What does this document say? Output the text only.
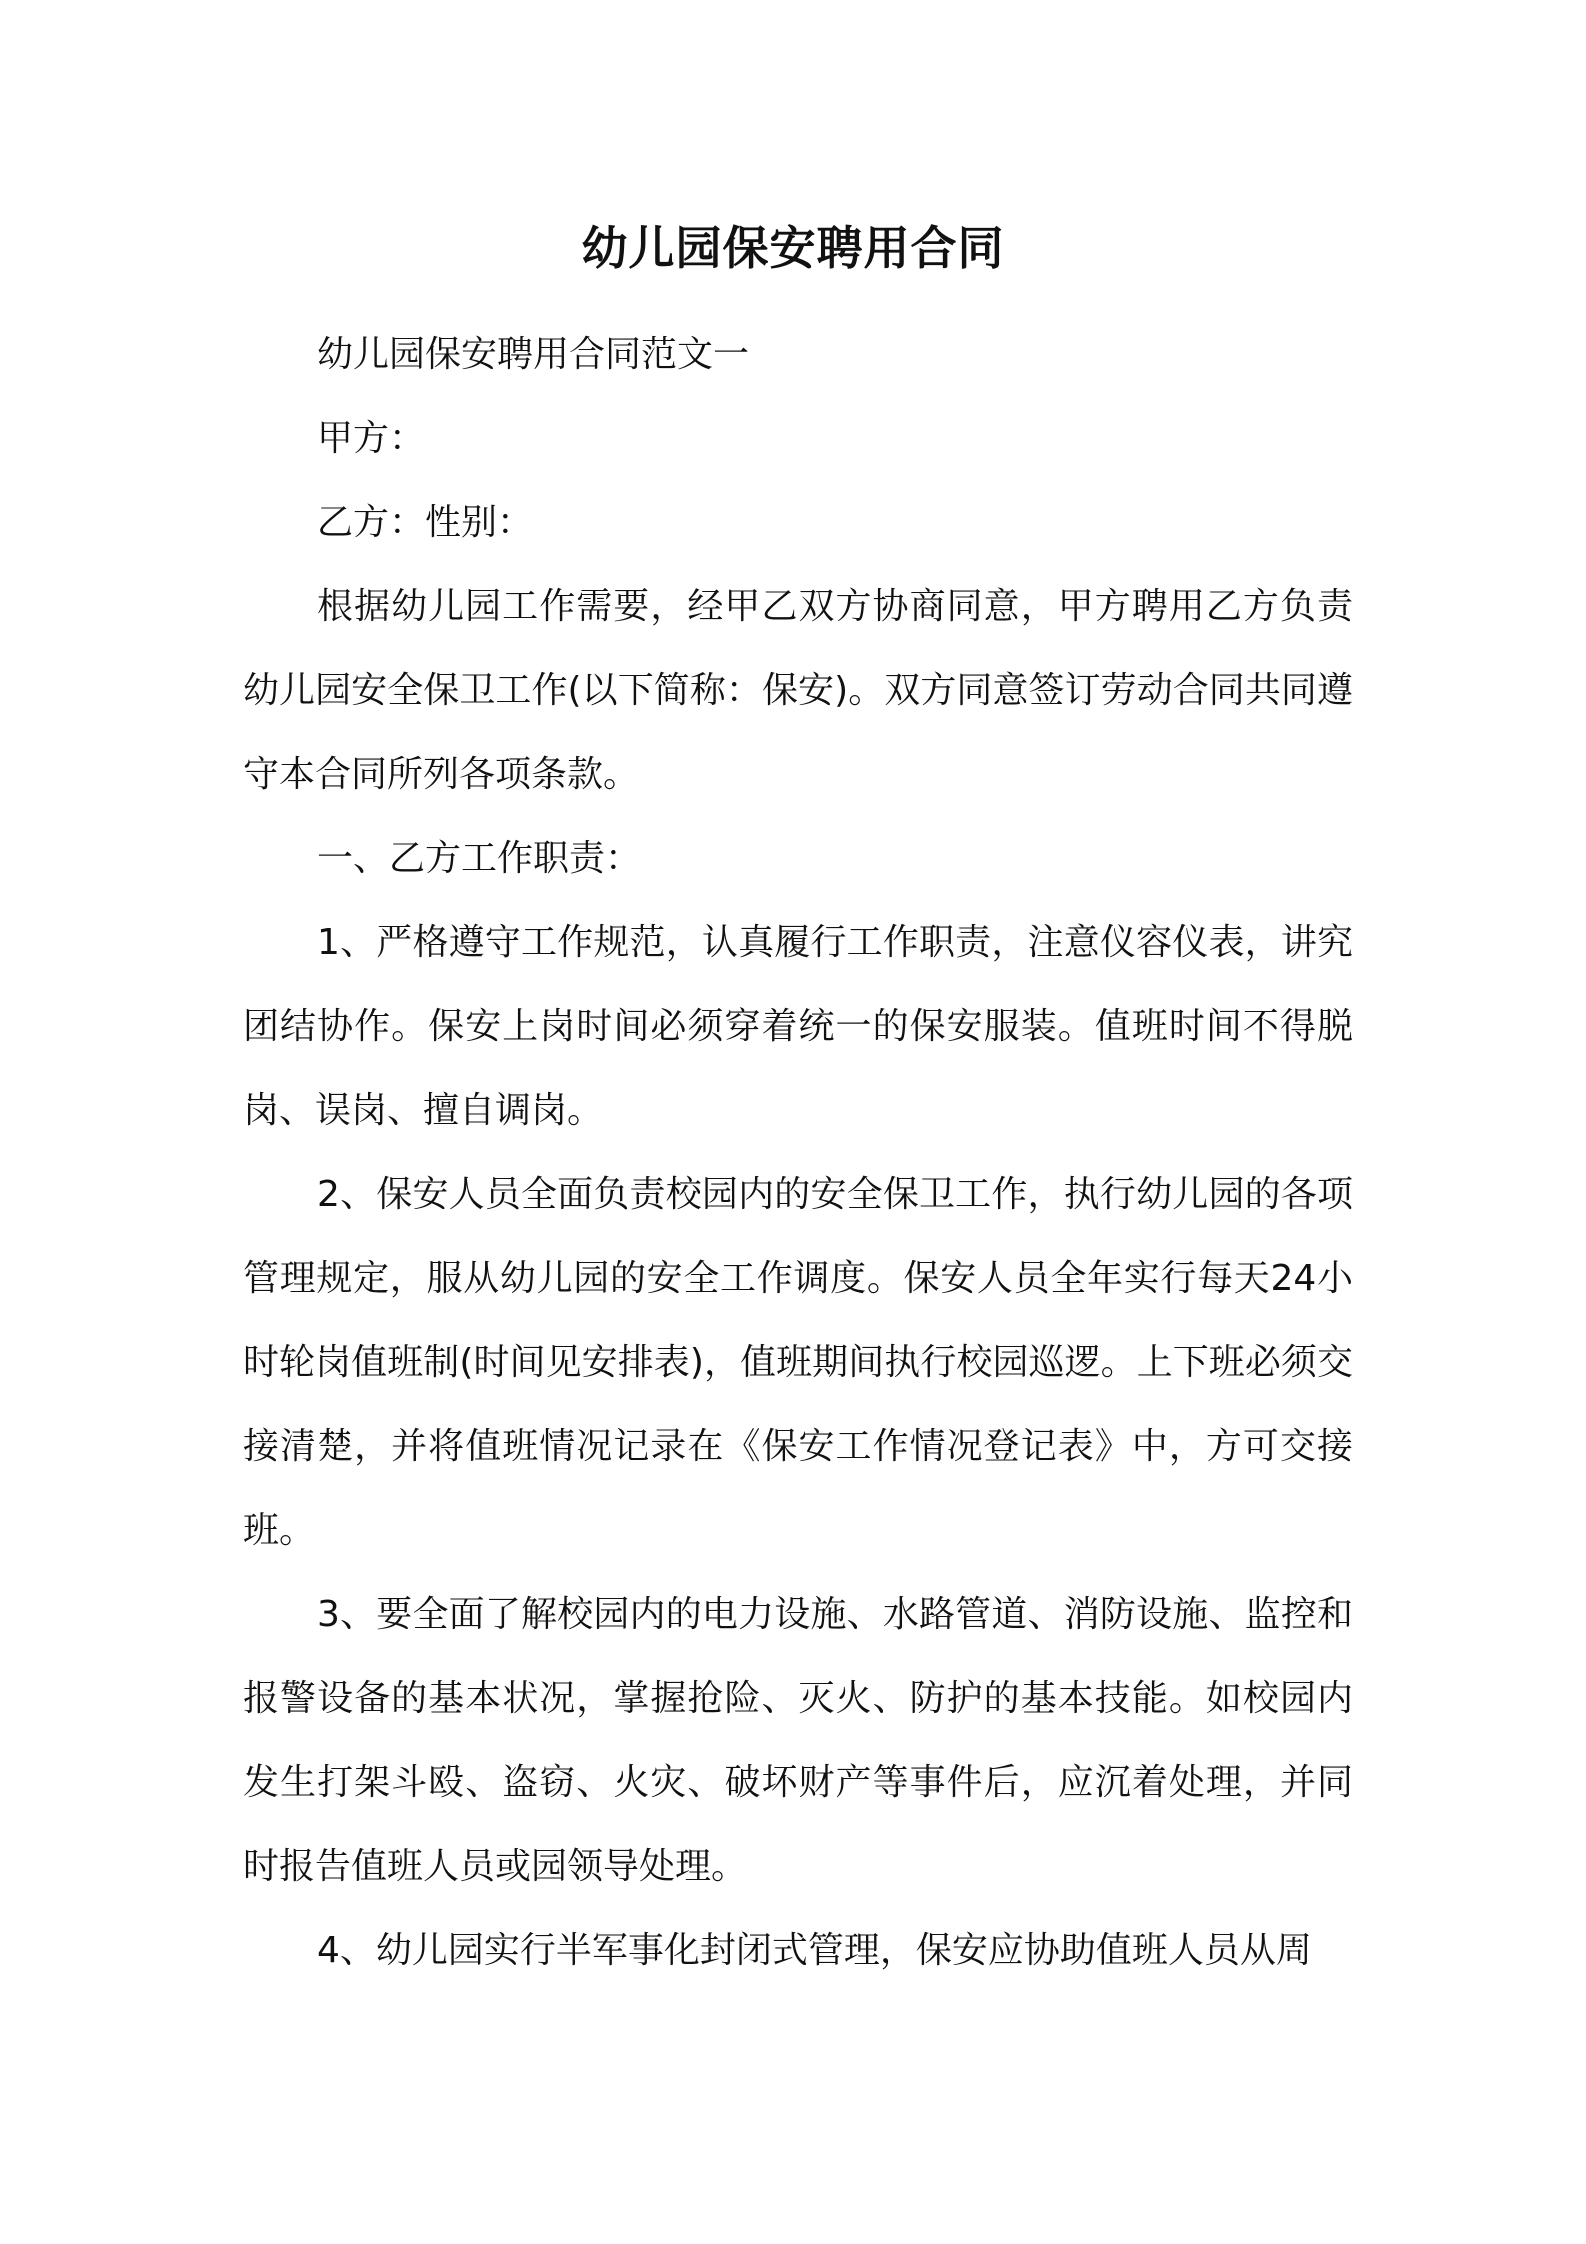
幼儿园保安聘用合同

幼儿园保安聘用合同范文一

甲方：

乙方：性别：

根据幼儿园工作需要，经甲乙双方协商同意，甲方聘用乙方负责幼儿园安全保卫工作(以下简称：保安)。双方同意签订劳动合同共同遵守本合同所列各项条款。

一、乙方工作职责：

1、严格遵守工作规范，认真履行工作职责，注意仪容仪表，讲究团结协作。保安上岗时间必须穿着统一的保安服装。值班时间不得脱岗、误岗、擅自调岗。

2、保安人员全面负责校园内的安全保卫工作，执行幼儿园的各项管理规定，服从幼儿园的安全工作调度。保安人员全年实行每天24小时轮岗值班制(时间见安排表)，值班期间执行校园巡逻。上下班必须交接清楚，并将值班情况记录在《保安工作情况登记表》中，方可交接班。

3、要全面了解校园内的电力设施、水路管道、消防设施、监控和报警设备的基本状况，掌握抢险、灭火、防护的基本技能。如校园内发生打架斗殴、盗窃、火灾、破坏财产等事件后，应沉着处理，并同时报告值班人员或园领导处理。

4、幼儿园实行半军事化封闭式管理，保安应协助值班人员从周
